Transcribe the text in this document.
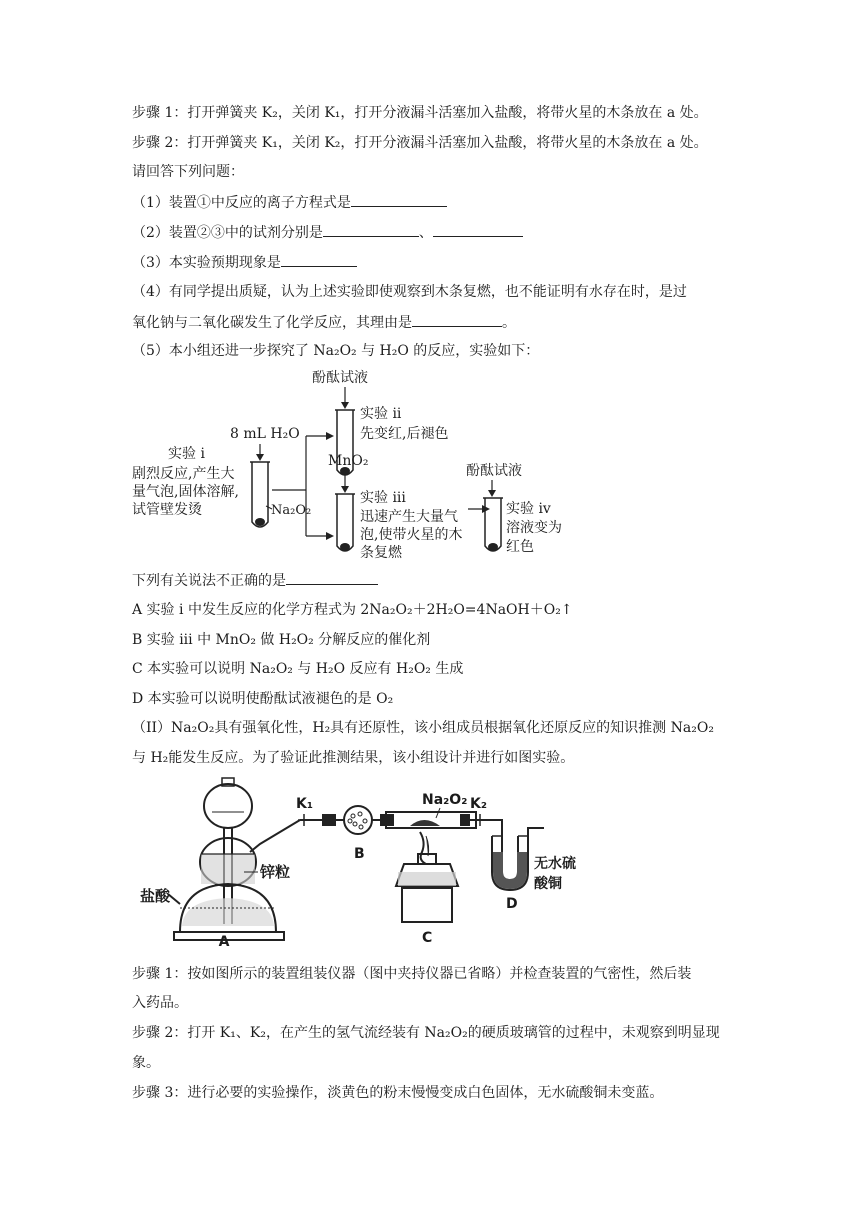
步骤 1：打开弹簧夹 K₂，关闭 K₁，打开分液漏斗活塞加入盐酸，将带火星的木条放在 a 处。
步骤 2：打开弹簧夹 K₁，关闭 K₂，打开分液漏斗活塞加入盐酸，将带火星的木条放在 a 处。
请回答下列问题：
（1）装置①中反应的离子方程式是
（2）装置②③中的试剂分别是	、
（3）本实验预期现象是
（4）有同学提出质疑，认为上述实验即使观察到木条复燃，也不能证明有水存在时，是过
氧化钠与二氧化碳发生了化学反应，其理由是	。
（5）本小组还进一步探究了 Na₂O₂ 与 H₂O 的反应，实验如下：
酚酞试液
实验 ii
先变红,后褪色
8 mL H₂O
Na₂O₂
实验 i
剧烈反应,产生大
量气泡,固体溶解,
试管壁发烫
MnO₂
实验 iii
迅速产生大量气
泡,使带火星的木
条复燃
酚酞试液
实验 iv
溶液变为
红色
下列有关说法不正确的是
A 实验 i 中发生反应的化学方程式为 2Na₂O₂＋2H₂O=4NaOH＋O₂↑
B 实验 iii 中 MnO₂ 做 H₂O₂ 分解反应的催化剂
C 本实验可以说明 Na₂O₂ 与 H₂O 反应有 H₂O₂ 生成
D 本实验可以说明使酚酞试液褪色的是 O₂
（II）Na₂O₂具有强氧化性，H₂具有还原性，该小组成员根据氧化还原反应的知识推测 Na₂O₂
与 H₂能发生反应。为了验证此推测结果，该小组设计并进行如图实验。
锌粒
盐酸
A
K₁
B
Na₂O₂ K₂
C
无水硫
酸铜
D
步骤 1：按如图所示的装置组装仪器（图中夹持仪器已省略）并检查装置的气密性，然后装
入药品。
步骤 2：打开 K₁、K₂，在产生的氢气流经装有 Na₂O₂的硬质玻璃管的过程中，未观察到明显现
象。
步骤 3：进行必要的实验操作，淡黄色的粉末慢慢变成白色固体，无水硫酸铜未变蓝。
